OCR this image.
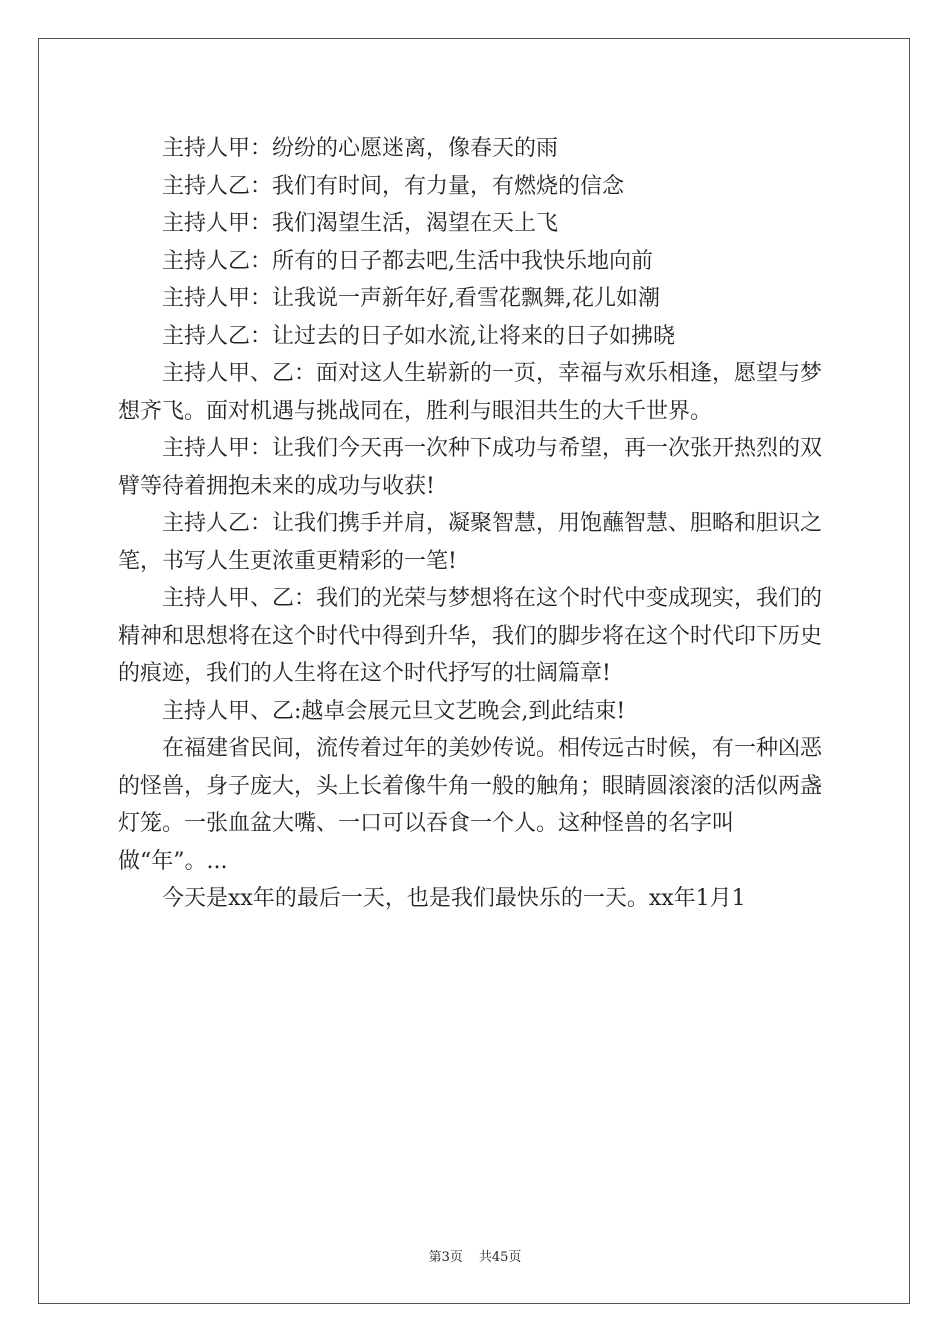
主持人甲：纷纷的心愿迷离，像春天的雨

主持人乙：我们有时间，有力量，有燃烧的信念

主持人甲：我们渴望生活，渴望在天上飞

主持人乙：所有的日子都去吧,生活中我快乐地向前

主持人甲：让我说一声新年好,看雪花飘舞,花儿如潮

主持人乙：让过去的日子如水流,让将来的日子如拂晓

主持人甲、乙：面对这人生崭新的一页，幸福与欢乐相逢，愿望与梦想齐飞。面对机遇与挑战同在，胜利与眼泪共生的大千世界。

主持人甲：让我们今天再一次种下成功与希望，再一次张开热烈的双臂等待着拥抱未来的成功与收获!

主持人乙：让我们携手并肩，凝聚智慧，用饱蘸智慧、胆略和胆识之笔，书写人生更浓重更精彩的一笔!

主持人甲、乙：我们的光荣与梦想将在这个时代中变成现实，我们的精神和思想将在这个时代中得到升华，我们的脚步将在这个时代印下历史的痕迹，我们的人生将在这个时代抒写的壮阔篇章!

主持人甲、乙:越卓会展元旦文艺晚会,到此结束!

在福建省民间，流传着过年的美妙传说。相传远古时候，有一种凶恶的怪兽，身子庞大，头上长着像牛角一般的触角；眼睛圆滚滚的活似两盏灯笼。一张血盆大嘴、一口可以吞食一个人。这种怪兽的名字叫做“年”。...

今天是xx年的最后一天，也是我们最快乐的一天。xx年1月1

第3页 共45页
